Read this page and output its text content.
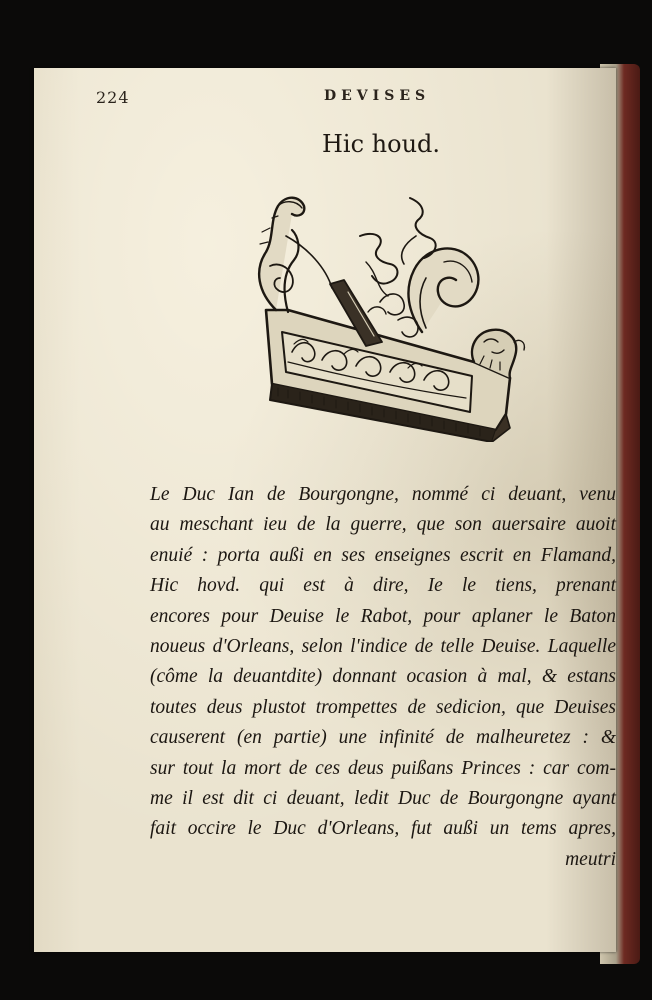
224	DEVISES
Hic houd.
Le Duc Ian de Bourgongne, nommé ci deuant, venu
au meschant ieu de la guerre, que son auersaire auoit
enuié : porta außi en ses enseignes escrit en Flamand,
Hic hovd. qui est à dire, Ie le tiens, prenant
encores pour Deuise le Rabot, pour aplaner le Baton
noueus d'Orleans, selon l'indice de telle Deuise. Laquelle
(côme la deuantdite) donnant ocasion à mal, & estans
toutes deus plustot trompettes de sedicion, que Deuises
causerent (en partie) une infinité de malheuretez : &
sur tout la mort de ces deus puißans Princes : car com-
me il est dit ci deuant, ledit Duc de Bourgongne ayant
fait occire le Duc d'Orleans, fut außi un tems apres,
meutri
